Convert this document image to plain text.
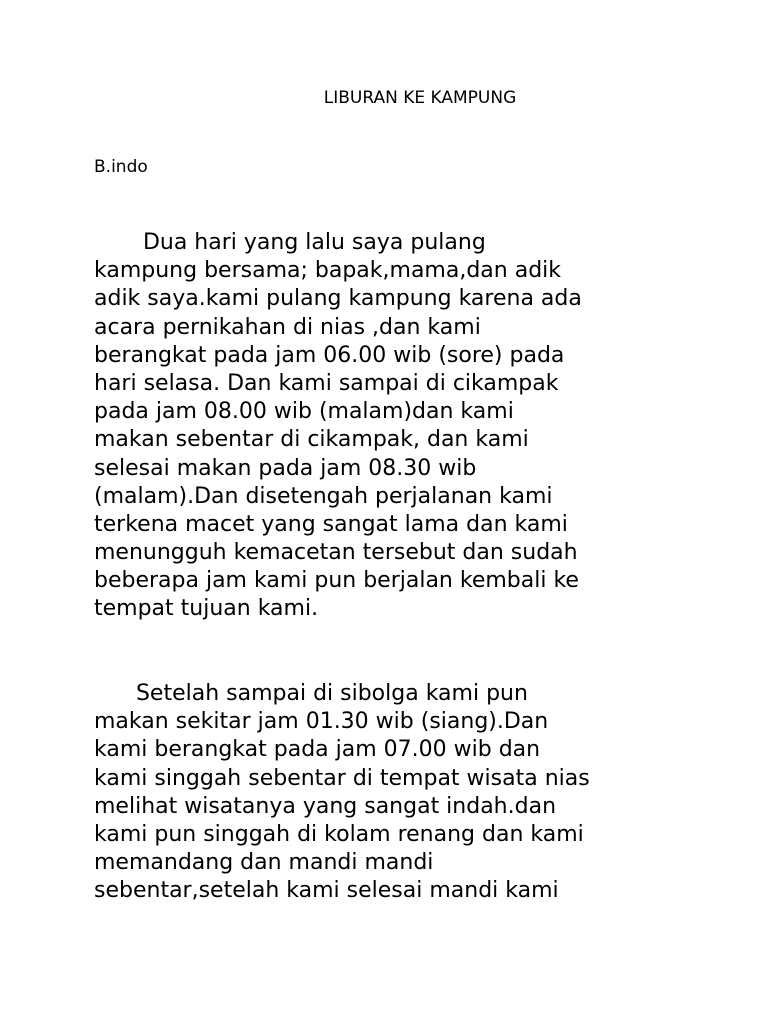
LIBURAN KE KAMPUNG

B.indo

Dua hari yang lalu saya pulang
kampung bersama; bapak,mama,dan adik
adik saya.kami pulang kampung karena ada
acara pernikahan di nias ,dan kami
berangkat pada jam 06.00 wib (sore) pada
hari selasa. Dan kami sampai di cikampak
pada jam 08.00 wib (malam)dan kami
makan sebentar di cikampak, dan kami
selesai makan pada jam 08.30 wib
(malam).Dan disetengah perjalanan kami
terkena macet yang sangat lama dan kami
menungguh kemacetan tersebut dan sudah
beberapa jam kami pun berjalan kembali ke
tempat tujuan kami.

Setelah sampai di sibolga kami pun
makan sekitar jam 01.30 wib (siang).Dan
kami berangkat pada jam 07.00 wib dan
kami singgah sebentar di tempat wisata nias
melihat wisatanya yang sangat indah.dan
kami pun singgah di kolam renang dan kami
memandang dan mandi mandi
sebentar,setelah kami selesai mandi kami
